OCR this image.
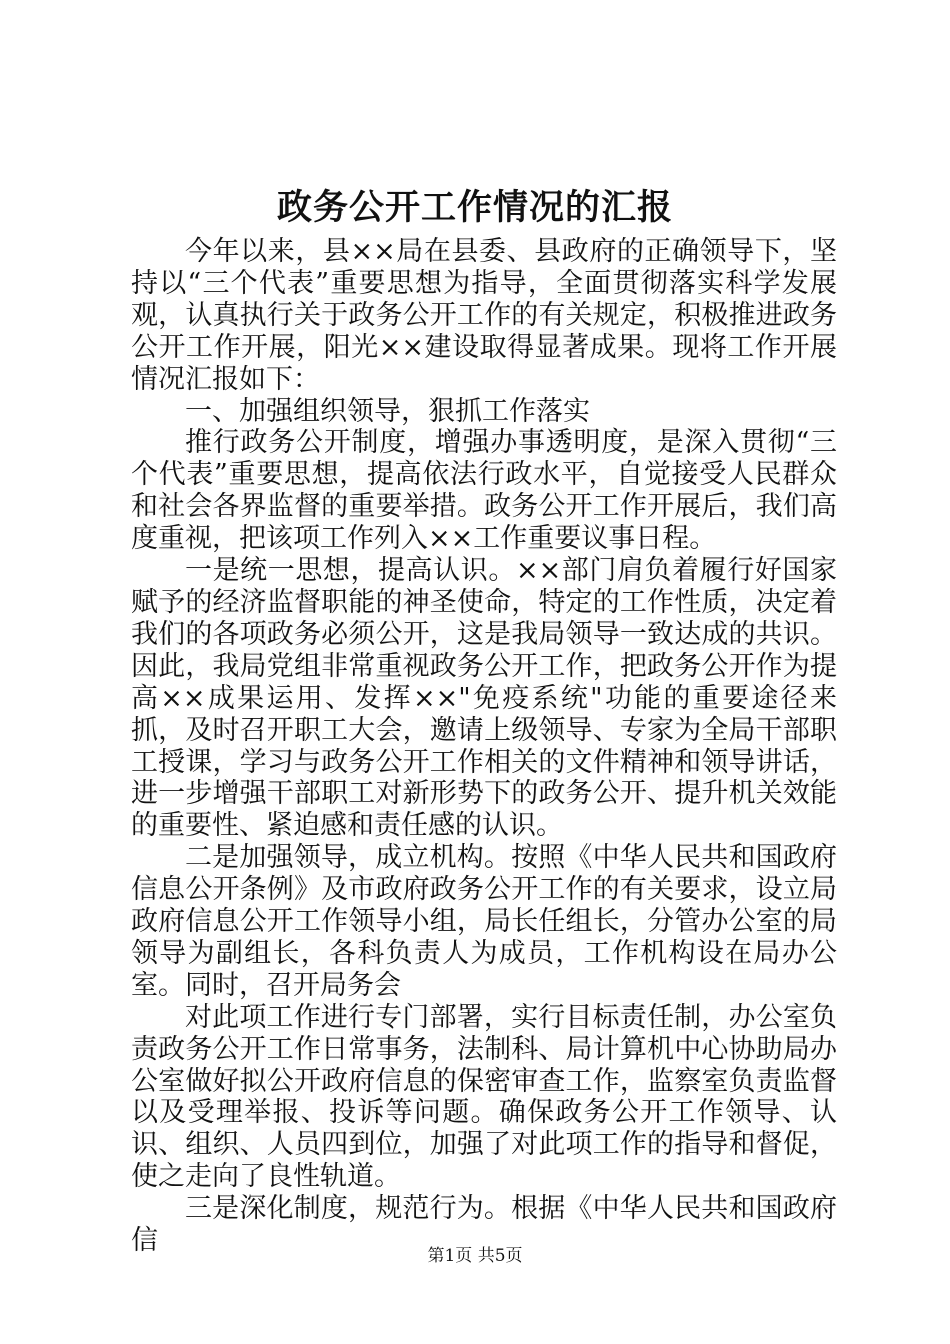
政务公开工作情况的汇报

今年以来，县××局在县委、县政府的正确领导下，坚持以“三个代表”重要思想为指导，全面贯彻落实科学发展观，认真执行关于政务公开工作的有关规定，积极推进政务公开工作开展，阳光××建设取得显著成果。现将工作开展情况汇报如下：

一、加强组织领导，狠抓工作落实

推行政务公开制度，增强办事透明度，是深入贯彻“三个代表”重要思想，提高依法行政水平，自觉接受人民群众和社会各界监督的重要举措。政务公开工作开展后，我们高度重视，把该项工作列入××工作重要议事日程。

一是统一思想，提高认识。××部门肩负着履行好国家赋予的经济监督职能的神圣使命，特定的工作性质，决定着我们的各项政务必须公开，这是我局领导一致达成的共识。因此，我局党组非常重视政务公开工作，把政务公开作为提高××成果运用、发挥××"免疫系统"功能的重要途径来抓，及时召开职工大会，邀请上级领导、专家为全局干部职工授课，学习与政务公开工作相关的文件精神和领导讲话，进一步增强干部职工对新形势下的政务公开、提升机关效能的重要性、紧迫感和责任感的认识。

二是加强领导，成立机构。按照《中华人民共和国政府信息公开条例》及市政府政务公开工作的有关要求，设立局政府信息公开工作领导小组，局长任组长，分管办公室的局领导为副组长，各科负责人为成员，工作机构设在局办公室。同时，召开局务会

对此项工作进行专门部署，实行目标责任制，办公室负责政务公开工作日常事务，法制科、局计算机中心协助局办公室做好拟公开政府信息的保密审查工作，监察室负责监督以及受理举报、投诉等问题。确保政务公开工作领导、认识、组织、人员四到位，加强了对此项工作的指导和督促，使之走向了良性轨道。

三是深化制度，规范行为。根据《中华人民共和国政府信	第1页 共5页
